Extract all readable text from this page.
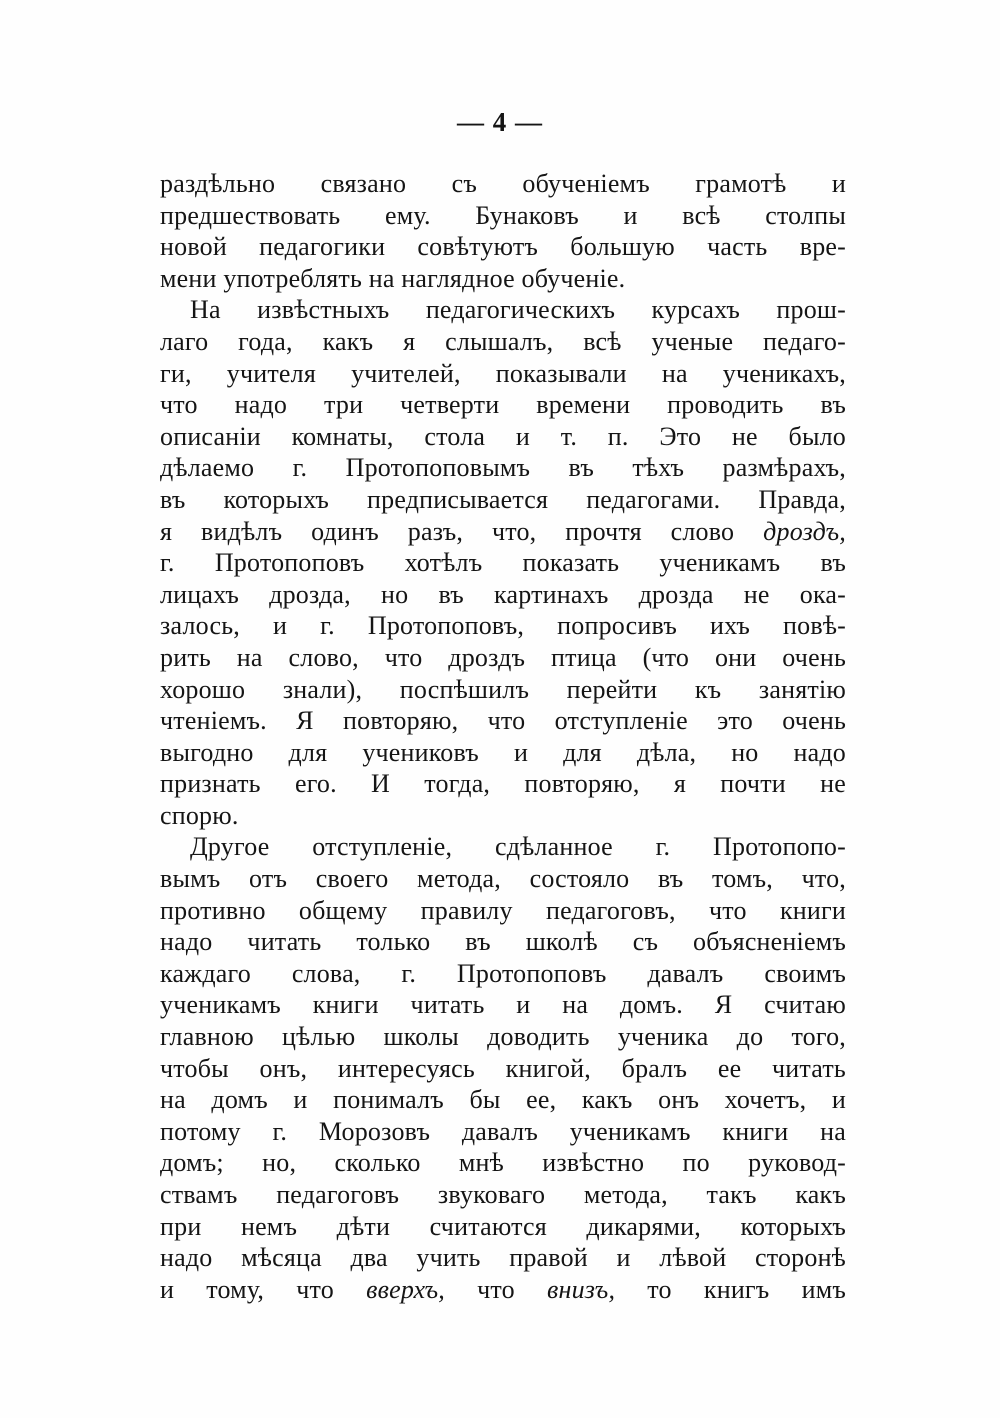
— 4 —
раздѣльно связано съ обученіемъ грамотѣ и
предшествовать ему. Бунаковъ и всѣ столпы
новой педагогики совѣтуютъ большую часть вре-
мени употреблять на наглядное обученіе.
На извѣстныхъ педагогическихъ курсахъ прош-
лаго года, какъ я слышалъ, всѣ ученые педаго-
ги, учителя учителей, показывали на ученикахъ,
что надо три четверти времени проводить въ
описаніи комнаты, стола и т. п. Это не было
дѣлаемо г. Протопоповымъ въ тѣхъ размѣрахъ,
въ которыхъ предписывается педагогами. Правда,
я видѣлъ одинъ разъ, что, прочтя слово дроздъ,
г. Протопоповъ хотѣлъ показать ученикамъ въ
лицахъ дрозда, но въ картинахъ дрозда не ока-
залось, и г. Протопоповъ, попросивъ ихъ повѣ-
рить на слово, что дроздъ птица (что они очень
хорошо знали), поспѣшилъ перейти къ занятію
чтеніемъ. Я повторяю, что отступленіе это очень
выгодно для учениковъ и для дѣла, но надо
признать его. И тогда, повторяю, я почти не
спорю.
Другое отступленіе, сдѣланное г. Протопопо-
вымъ отъ своего метода, состояло въ томъ, что,
противно общему правилу педагоговъ, что книги
надо читать только въ школѣ съ объясненіемъ
каждаго слова, г. Протопоповъ давалъ своимъ
ученикамъ книги читать и на домъ. Я считаю
главною цѣлью школы доводить ученика до того,
чтобы онъ, интересуясь книгой, бралъ ее читать
на домъ и понималъ бы ее, какъ онъ хочетъ, и
потому г. Морозовъ давалъ ученикамъ книги на
домъ; но, сколько мнѣ извѣстно по руковод-
ствамъ педагоговъ звуковаго метода, такъ какъ
при немъ дѣти считаются дикарями, которыхъ
надо мѣсяца два учить правой и лѣвой сторонѣ
и тому, что вверхъ, что внизъ, то книгъ имъ
